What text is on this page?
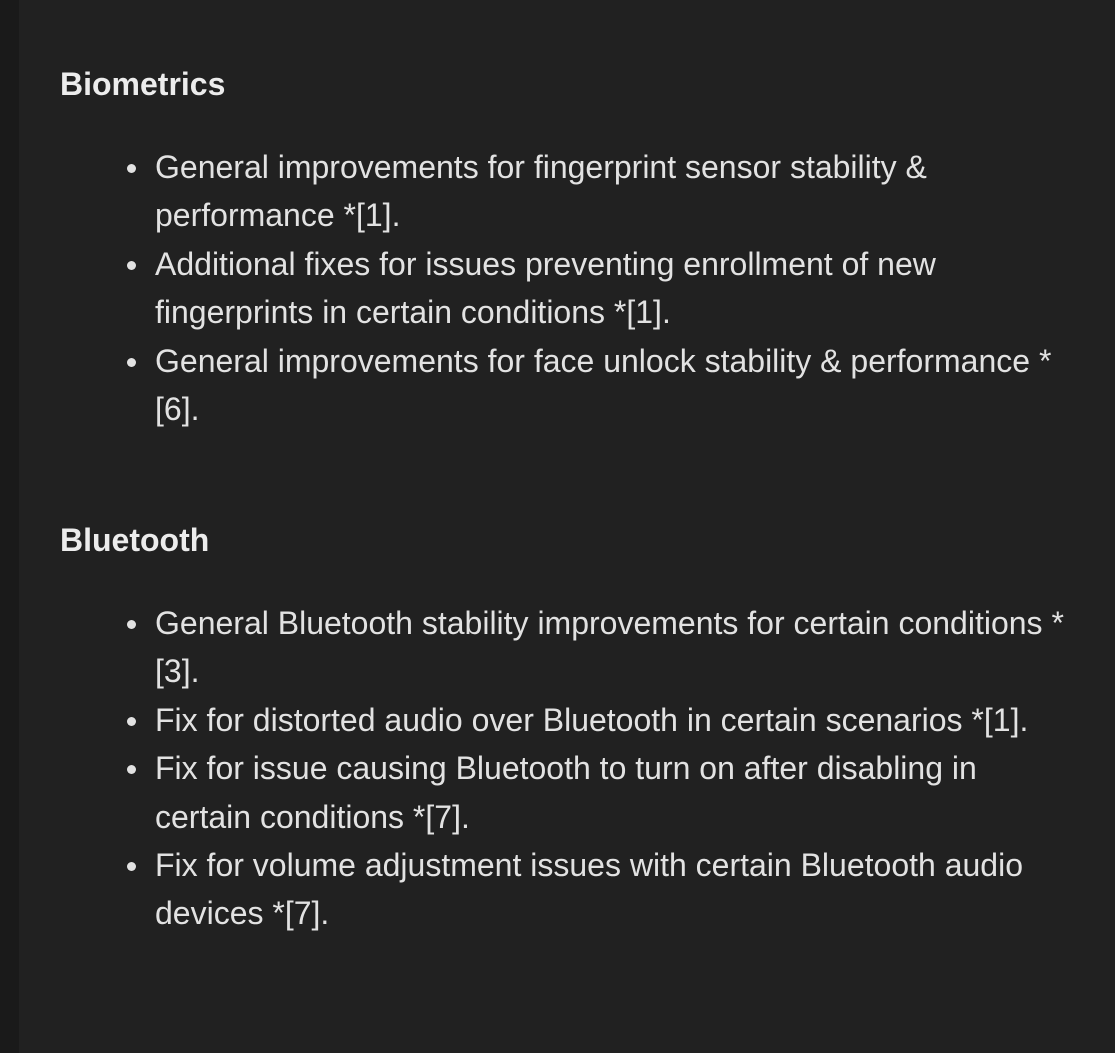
Biometrics
General improvements for fingerprint sensor stability & performance *[1].
Additional fixes for issues preventing enrollment of new fingerprints in certain conditions *[1].
General improvements for face unlock stability & performance *[6].
Bluetooth
General Bluetooth stability improvements for certain conditions *[3].
Fix for distorted audio over Bluetooth in certain scenarios *[1].
Fix for issue causing Bluetooth to turn on after disabling in certain conditions *[7].
Fix for volume adjustment issues with certain Bluetooth audio devices *[7].
